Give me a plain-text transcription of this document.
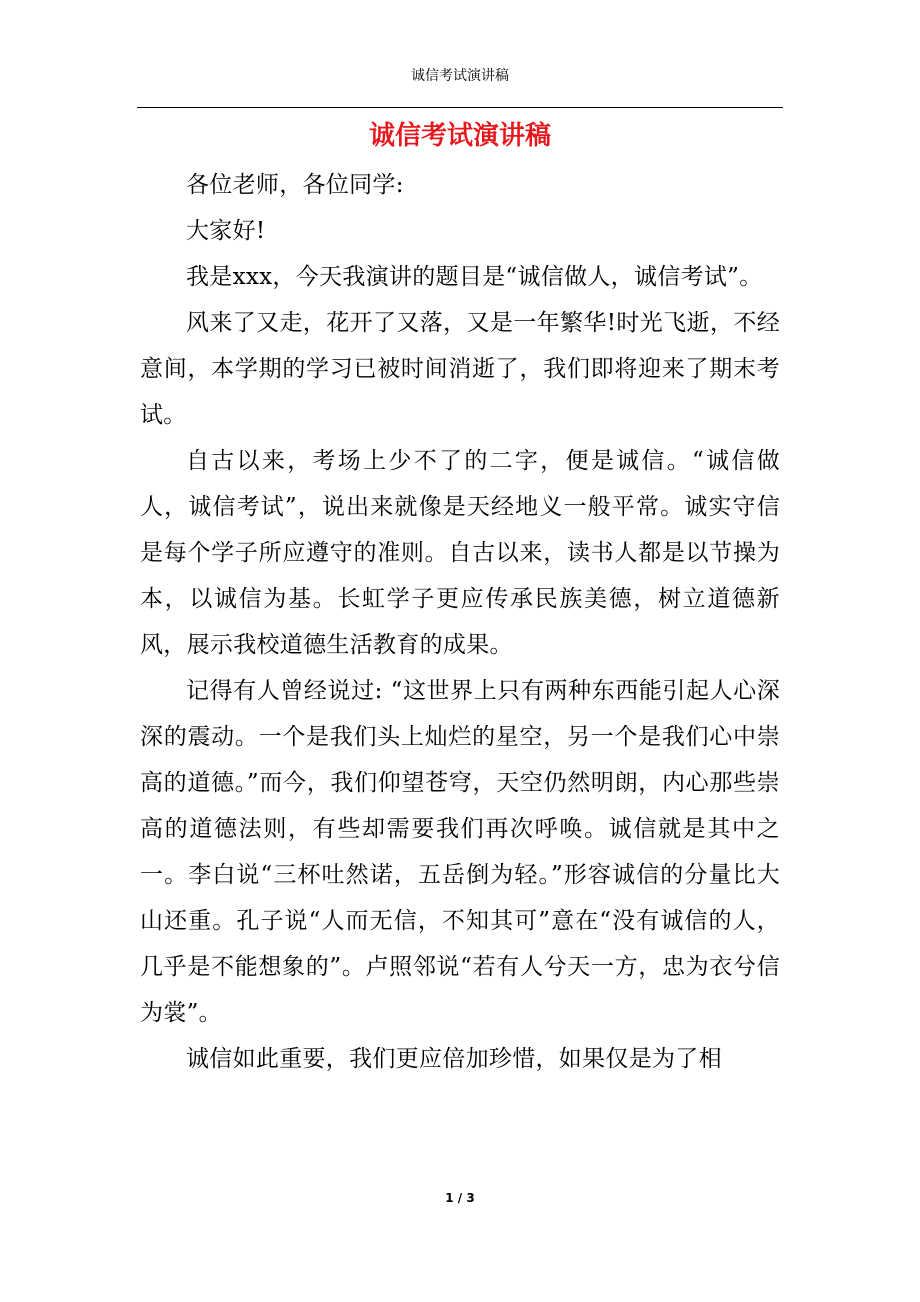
诚信考试演讲稿
诚信考试演讲稿

各位老师，各位同学:

大家好!

我是xxx，今天我演讲的题目是“诚信做人，诚信考试”。

风来了又走，花开了又落，又是一年繁华!时光飞逝，不经意间，本学期的学习已被时间消逝了，我们即将迎来了期末考试。

自古以来，考场上少不了的二字，便是诚信。“诚信做人，诚信考试”，说出来就像是天经地义一般平常。诚实守信是每个学子所应遵守的准则。自古以来，读书人都是以节操为本，以诚信为基。长虹学子更应传承民族美德，树立道德新风，展示我校道德生活教育的成果。

记得有人曾经说过: “这世界上只有两种东西能引起人心深深的震动。一个是我们头上灿烂的星空，另一个是我们心中崇高的道德。”而今，我们仰望苍穹，天空仍然明朗，内心那些崇高的道德法则，有些却需要我们再次呼唤。诚信就是其中之一。李白说“三杯吐然诺，五岳倒为轻。”形容诚信的分量比大山还重。孔子说“人而无信，不知其可”意在“没有诚信的人，几乎是不能想象的”。卢照邻说“若有人兮天一方，忠为衣兮信为裳”。

诚信如此重要，我们更应倍加珍惜，如果仅是为了相

1 / 3
